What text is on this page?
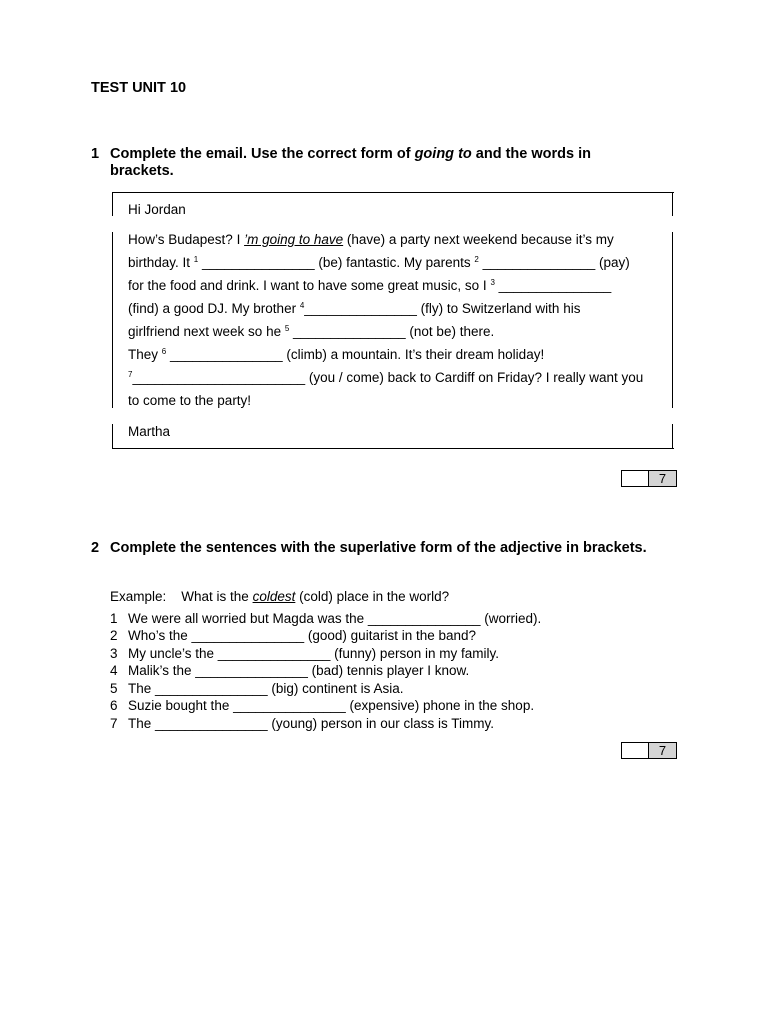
TEST UNIT 10
1 Complete the email. Use the correct form of going to and the words in brackets.
Hi Jordan
How’s Budapest? I ’m going to have (have) a party next weekend because it’s my
birthday. It $^1$ _______________ (be) fantastic. My parents $^2$ _______________ (pay)
for the food and drink. I want to have some great music, so I $^3$ _______________
(find) a good DJ. My brother $^4$_______________ (fly) to Switzerland with his
girlfriend next week so he $^5$ _______________ (not be) there.
They $^6$ _______________ (climb) a mountain. It’s their dream holiday!
$^7$_______________________ (you / come) back to Cardiff on Friday? I really want you
to come to the party!
Martha
7
2 Complete the sentences with the superlative form of the adjective in brackets.
Example: What is the coldest (cold) place in the world?
1 We were all worried but Magda was the _______________ (worried).
2 Who’s the _______________ (good) guitarist in the band?
3 My uncle’s the _______________ (funny) person in my family.
4 Malik’s the _______________ (bad) tennis player I know.
5 The _______________ (big) continent is Asia.
6 Suzie bought the _______________ (expensive) phone in the shop.
7 The _______________ (young) person in our class is Timmy.
7
